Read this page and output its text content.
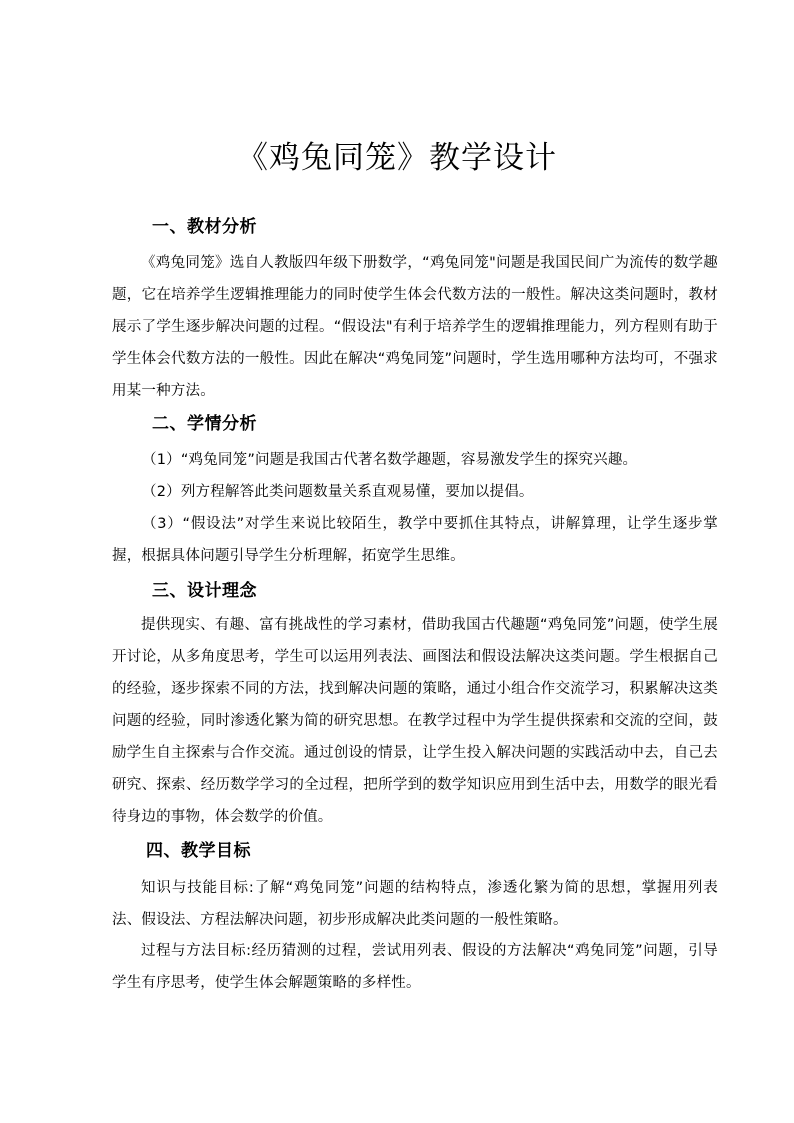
《鸡兔同笼》教学设计
一、教材分析

《鸡兔同笼》选自人教版四年级下册数学，“鸡兔同笼"问题是我国民间广为流传的数学趣题，它在培养学生逻辑推理能力的同时使学生体会代数方法的一般性。解决这类问题时，教材展示了学生逐步解决问题的过程。“假设法"有利于培养学生的逻辑推理能力，列方程则有助于学生体会代数方法的一般性。因此在解决“鸡兔同笼”问题时，学生选用哪种方法均可，不强求用某一种方法。

二、学情分析

（1）“鸡兔同笼”问题是我国古代著名数学趣题，容易激发学生的探究兴趣。

（2）列方程解答此类问题数量关系直观易懂，要加以提倡。

（3）“假设法”对学生来说比较陌生，教学中要抓住其特点，讲解算理，让学生逐步掌握，根据具体问题引导学生分析理解，拓宽学生思维。

三、设计理念

提供现实、有趣、富有挑战性的学习素材，借助我国古代趣题“鸡兔同笼”问题，使学生展开讨论，从多角度思考，学生可以运用列表法、画图法和假设法解决这类问题。学生根据自己的经验，逐步探索不同的方法，找到解决问题的策略，通过小组合作交流学习，积累解决这类问题的经验，同时渗透化繁为简的研究思想。在教学过程中为学生提供探索和交流的空间，鼓励学生自主探索与合作交流。通过创设的情景，让学生投入解决问题的实践活动中去，自己去研究、探索、经历数学学习的全过程，把所学到的数学知识应用到生活中去，用数学的眼光看待身边的事物，体会数学的价值。

四、教学目标

知识与技能目标:了解“鸡兔同笼”问题的结构特点，渗透化繁为简的思想，掌握用列表法、假设法、方程法解决问题，初步形成解决此类问题的一般性策略。

过程与方法目标:经历猜测的过程，尝试用列表、假设的方法解决“鸡兔同笼”问题，引导学生有序思考，使学生体会解题策略的多样性。
